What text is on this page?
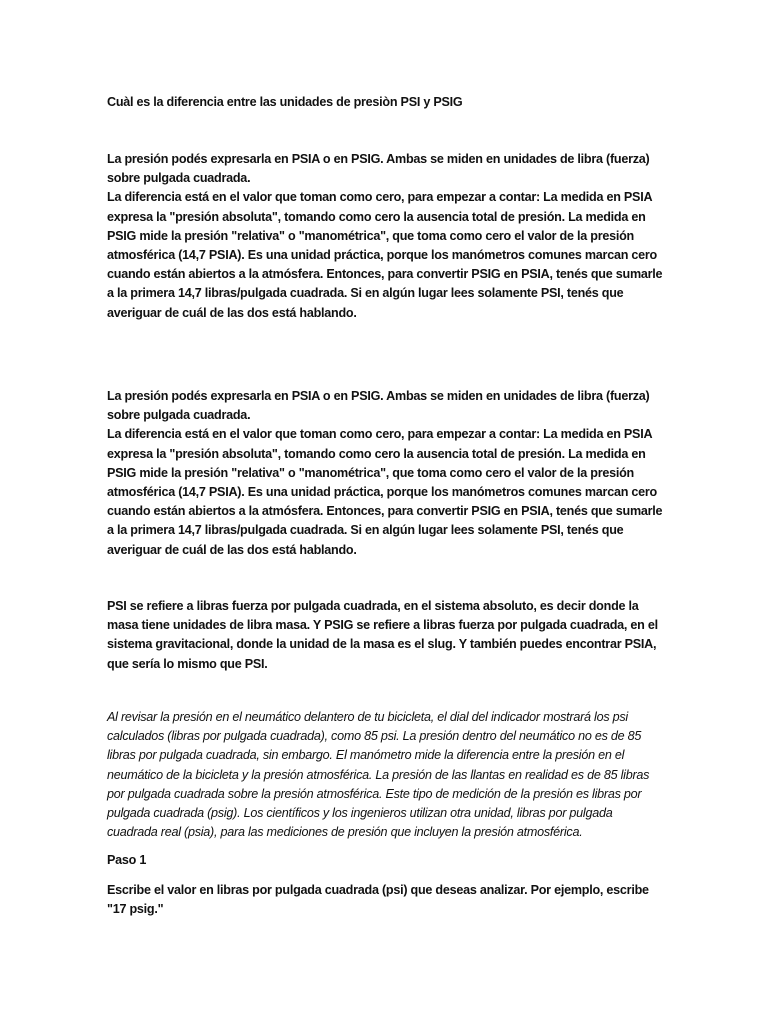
Cuàl es la diferencia entre las unidades de presiòn PSI y PSIG

La presión podés expresarla en PSIA o en PSIG. Ambas se miden en unidades de libra (fuerza) sobre pulgada cuadrada.
La diferencia está en el valor que toman como cero, para empezar a contar: La medida en PSIA expresa la "presión absoluta", tomando como cero la ausencia total de presión. La medida en PSIG mide la presión "relativa" o "manométrica", que toma como cero el valor de la presión atmosférica (14,7 PSIA). Es una unidad práctica, porque los manómetros comunes marcan cero cuando están abiertos a la atmósfera. Entonces, para convertir PSIG en PSIA, tenés que sumarle a la primera 14,7 libras/pulgada cuadrada. Si en algún lugar lees solamente PSI, tenés que averiguar de cuál de las dos está hablando.
La presión podés expresarla en PSIA o en PSIG. Ambas se miden en unidades de libra (fuerza) sobre pulgada cuadrada.
La diferencia está en el valor que toman como cero, para empezar a contar: La medida en PSIA expresa la "presión absoluta", tomando como cero la ausencia total de presión. La medida en PSIG mide la presión "relativa" o "manométrica", que toma como cero el valor de la presión atmosférica (14,7 PSIA). Es una unidad práctica, porque los manómetros comunes marcan cero cuando están abiertos a la atmósfera. Entonces, para convertir PSIG en PSIA, tenés que sumarle a la primera 14,7 libras/pulgada cuadrada. Si en algún lugar lees solamente PSI, tenés que averiguar de cuál de las dos está hablando.

PSI se refiere a libras fuerza por pulgada cuadrada, en el sistema absoluto, es decir donde la masa tiene unidades de libra masa. Y PSIG se refiere a libras fuerza por pulgada cuadrada, en el sistema gravitacional, donde la unidad de la masa es el slug. Y también puedes encontrar PSIA, que sería lo mismo que PSI.

Al revisar la presión en el neumático delantero de tu bicicleta, el dial del indicador mostrará los psi calculados (libras por pulgada cuadrada), como 85 psi. La presión dentro del neumático no es de 85 libras por pulgada cuadrada, sin embargo. El manómetro mide la diferencia entre la presión en el neumático de la bicicleta y la presión atmosférica. La presión de las llantas en realidad es de 85 libras por pulgada cuadrada sobre la presión atmosférica. Este tipo de medición de la presión es libras por pulgada cuadrada (psig). Los científicos y los ingenieros utilizan otra unidad, libras por pulgada cuadrada real (psia), para las mediciones de presión que incluyen la presión atmosférica.

Paso 1

Escribe el valor en libras por pulgada cuadrada (psi) que deseas analizar. Por ejemplo, escribe "17 psig."
